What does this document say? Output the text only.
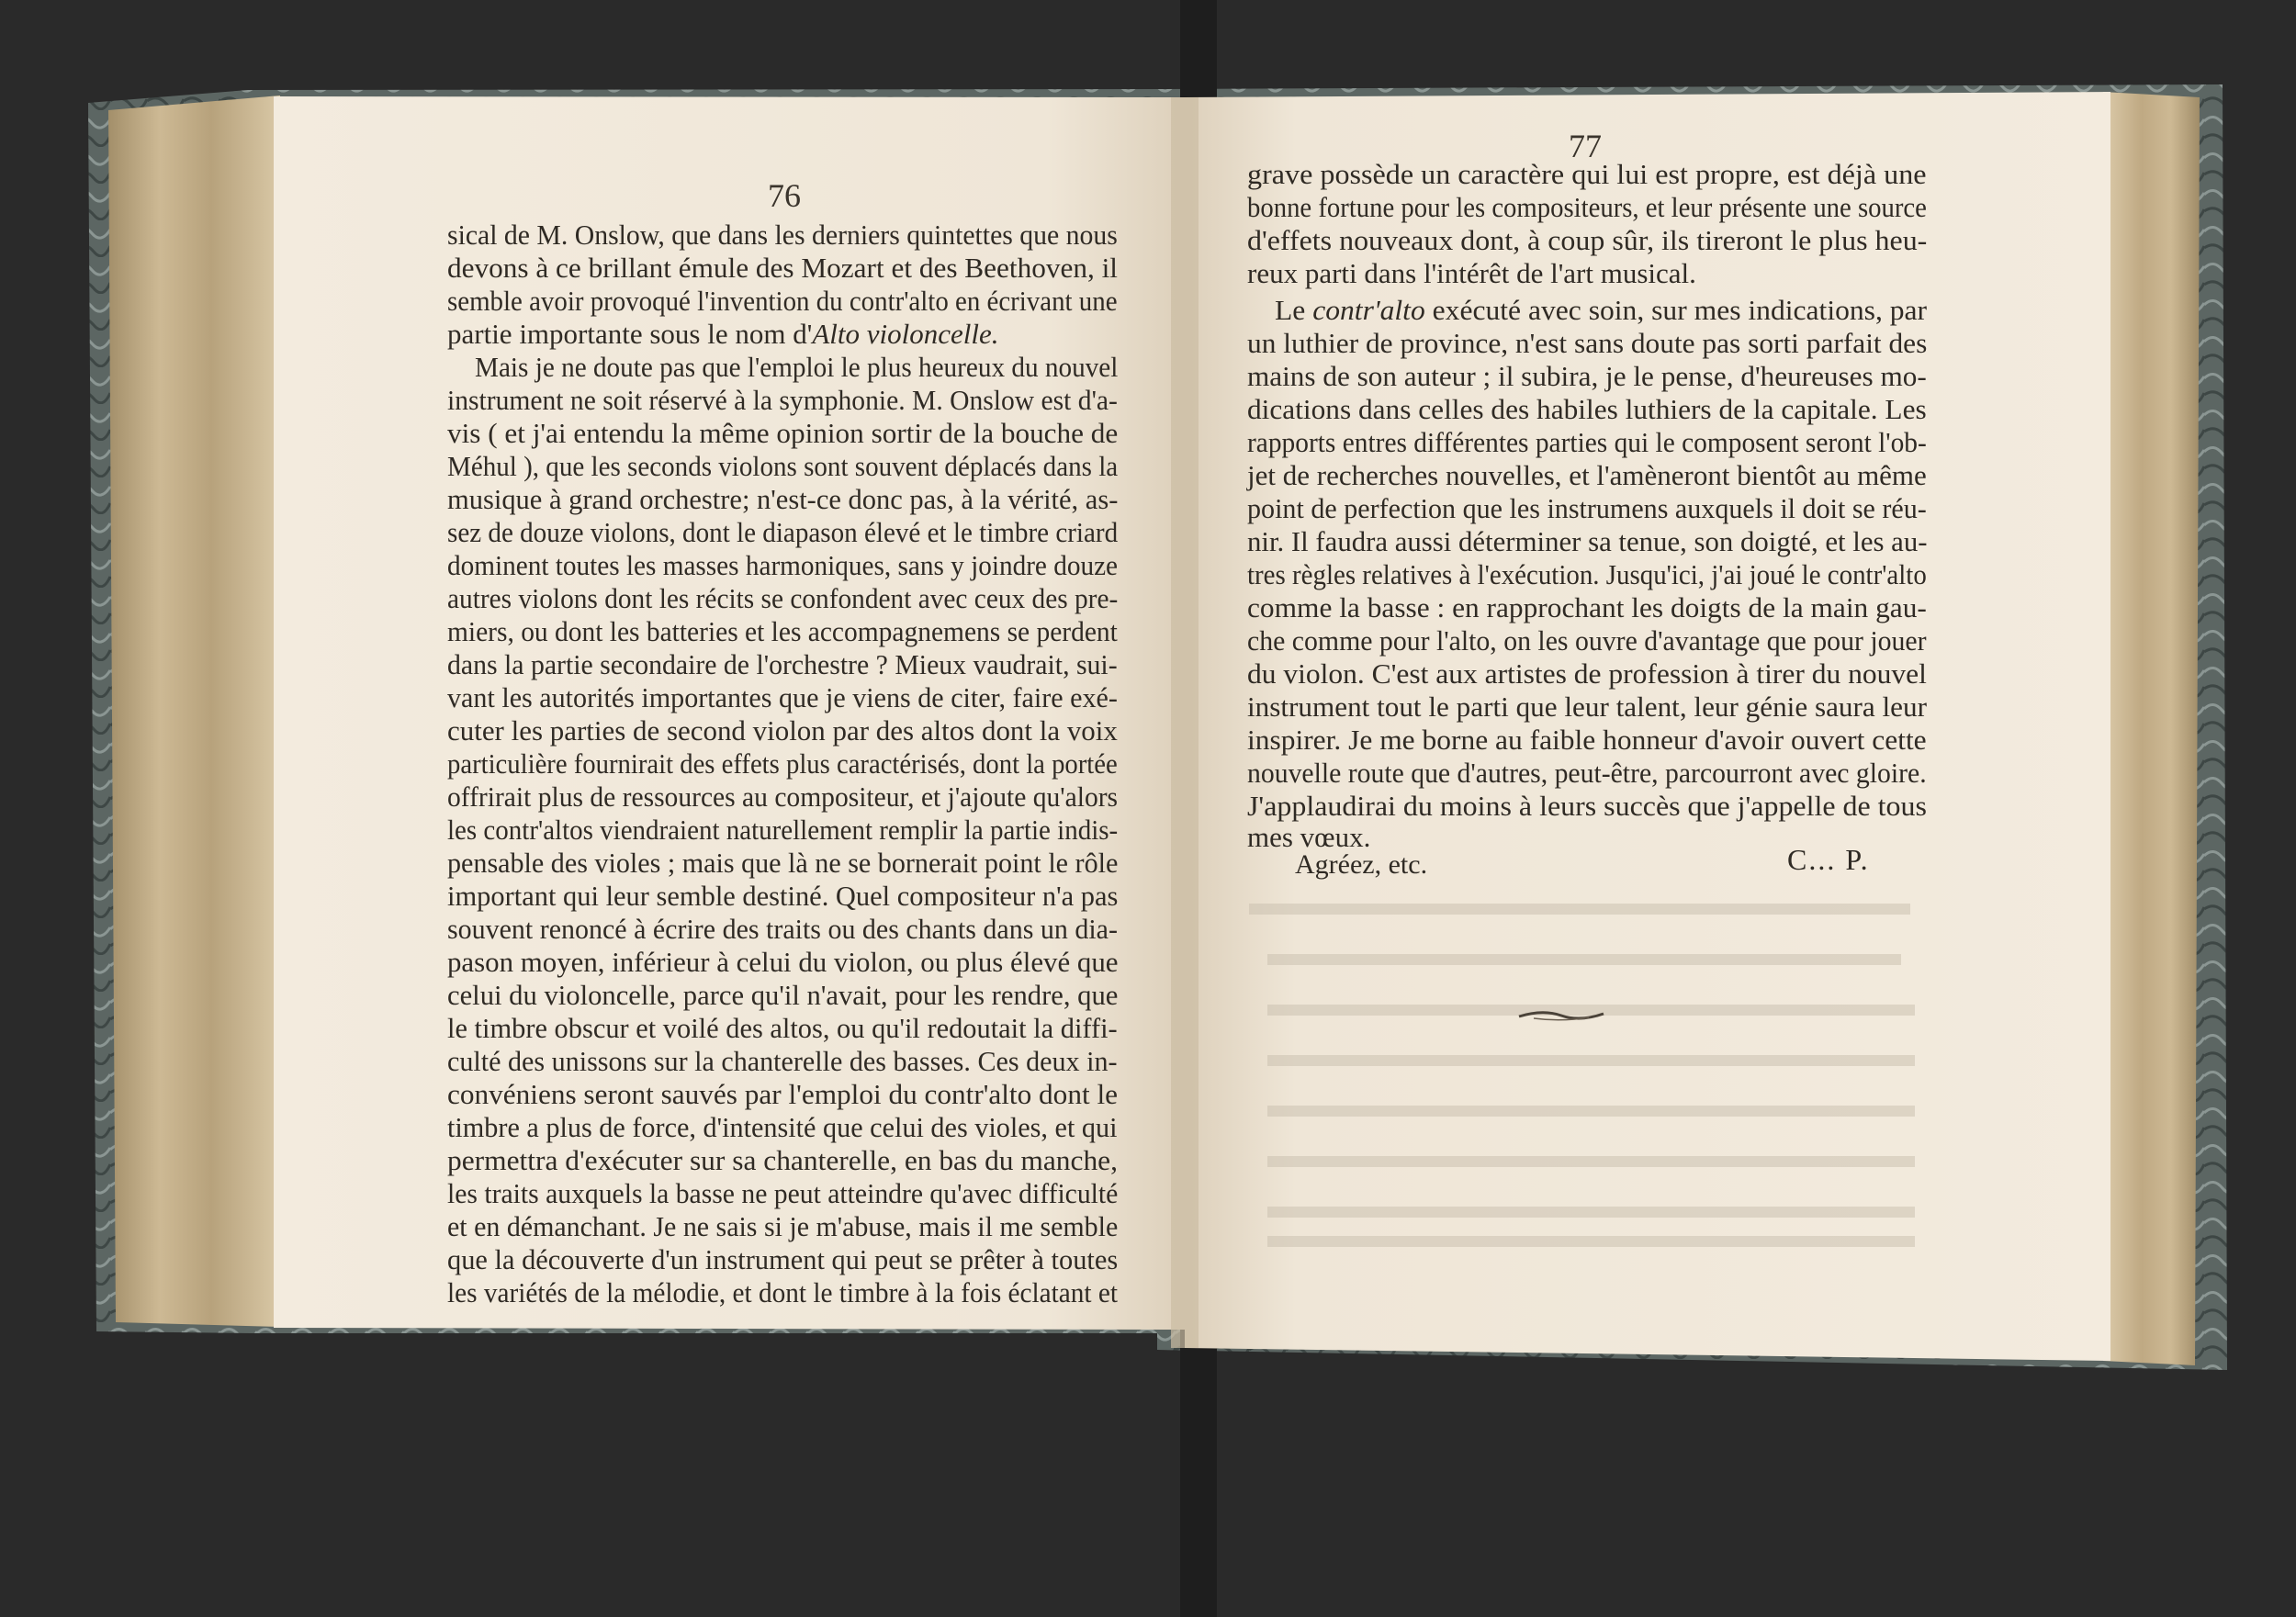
76
sical de M. Onslow, que dans les derniers quintettes que nous
devons à ce brillant émule des Mozart et des Beethoven, il
semble avoir provoqué l'invention du contr'alto en écrivant une
partie importante sous le nom d'Alto violoncelle.
Mais je ne doute pas que l'emploi le plus heureux du nouvel
instrument ne soit réservé à la symphonie. M. Onslow est d'a-
vis ( et j'ai entendu la même opinion sortir de la bouche de
Méhul ), que les seconds violons sont souvent déplacés dans la
musique à grand orchestre; n'est-ce donc pas, à la vérité, as-
sez de douze violons, dont le diapason élevé et le timbre criard
dominent toutes les masses harmoniques, sans y joindre douze
autres violons dont les récits se confondent avec ceux des pre-
miers, ou dont les batteries et les accompagnemens se perdent
dans la partie secondaire de l'orchestre ? Mieux vaudrait, sui-
vant les autorités importantes que je viens de citer, faire exé-
cuter les parties de second violon par des altos dont la voix
particulière fournirait des effets plus caractérisés, dont la portée
offrirait plus de ressources au compositeur, et j'ajoute qu'alors
les contr'altos viendraient naturellement remplir la partie indis-
pensable des violes ; mais que là ne se bornerait point le rôle
important qui leur semble destiné. Quel compositeur n'a pas
souvent renoncé à écrire des traits ou des chants dans un dia-
pason moyen, inférieur à celui du violon, ou plus élevé que
celui du violoncelle, parce qu'il n'avait, pour les rendre, que
le timbre obscur et voilé des altos, ou qu'il redoutait la diffi-
culté des unissons sur la chanterelle des basses. Ces deux in-
convéniens seront sauvés par l'emploi du contr'alto dont le
timbre a plus de force, d'intensité que celui des violes, et qui
permettra d'exécuter sur sa chanterelle, en bas du manche,
les traits auxquels la basse ne peut atteindre qu'avec difficulté
et en démanchant. Je ne sais si je m'abuse, mais il me semble
que la découverte d'un instrument qui peut se prêter à toutes
les variétés de la mélodie, et dont le timbre à la fois éclatant et
77
grave possède un caractère qui lui est propre, est déjà une
bonne fortune pour les compositeurs, et leur présente une source
d'effets nouveaux dont, à coup sûr, ils tireront le plus heu-
reux parti dans l'intérêt de l'art musical.
Le contr'alto exécuté avec soin, sur mes indications, par
un luthier de province, n'est sans doute pas sorti parfait des
mains de son auteur ; il subira, je le pense, d'heureuses mo-
dications dans celles des habiles luthiers de la capitale. Les
rapports entres différentes parties qui le composent seront l'ob-
jet de recherches nouvelles, et l'amèneront bientôt au même
point de perfection que les instrumens auxquels il doit se réu-
nir. Il faudra aussi déterminer sa tenue, son doigté, et les au-
tres règles relatives à l'exécution. Jusqu'ici, j'ai joué le contr'alto
comme la basse : en rapprochant les doigts de la main gau-
che comme pour l'alto, on les ouvre d'avantage que pour jouer
du violon. C'est aux artistes de profession à tirer du nouvel
instrument tout le parti que leur talent, leur génie saura leur
inspirer. Je me borne au faible honneur d'avoir ouvert cette
nouvelle route que d'autres, peut-être, parcourront avec gloire.
J'applaudirai du moins à leurs succès que j'appelle de tous
mes vœux.
Agréez, etc.	C... P.
